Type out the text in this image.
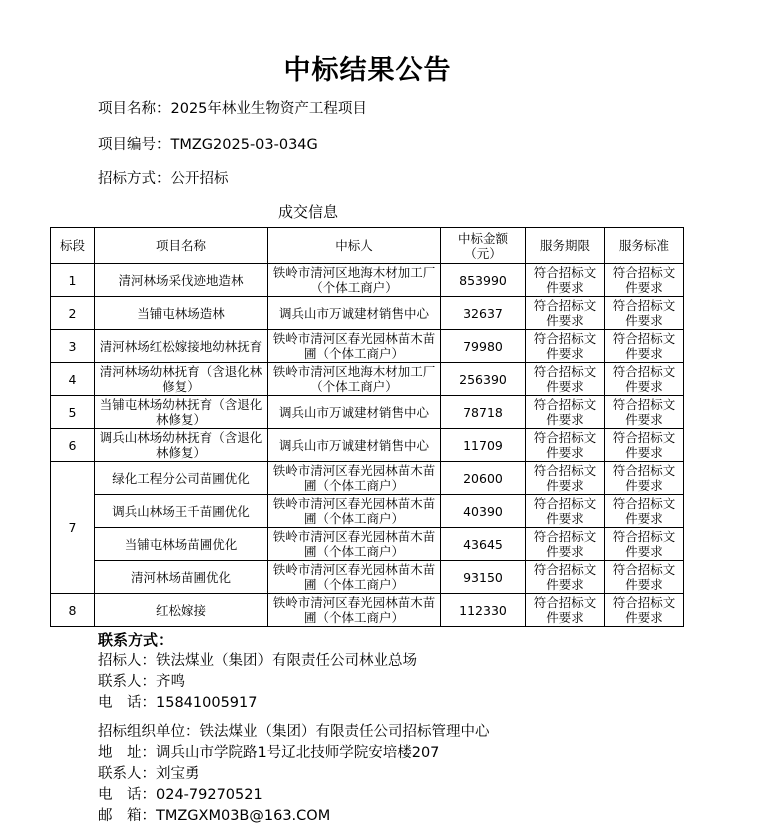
中标结果公告
项目名称：2025年林业生物资产工程项目
项目编号：TMZG2025-03-034G
招标方式：公开招标
成交信息
标段	项目名称	中标人	中标金额（元）	服务期限	服务标准
1	清河林场采伐迹地造林	铁岭市清河区地海木材加工厂（个体工商户）	853990	符合招标文件要求	符合招标文件要求
2	当铺屯林场造林	调兵山市万诚建材销售中心	32637	符合招标文件要求	符合招标文件要求
3	清河林场红松嫁接地幼林抚育	铁岭市清河区春光园林苗木苗圃（个体工商户）	79980	符合招标文件要求	符合招标文件要求
4	清河林场幼林抚育（含退化林修复）	铁岭市清河区地海木材加工厂（个体工商户）	256390	符合招标文件要求	符合招标文件要求
5	当铺屯林场幼林抚育（含退化林修复）	调兵山市万诚建材销售中心	78718	符合招标文件要求	符合招标文件要求
6	调兵山林场幼林抚育（含退化林修复）	调兵山市万诚建材销售中心	11709	符合招标文件要求	符合招标文件要求
7	绿化工程分公司苗圃优化	铁岭市清河区春光园林苗木苗圃（个体工商户）	20600	符合招标文件要求	符合招标文件要求
	调兵山林场王千苗圃优化	铁岭市清河区春光园林苗木苗圃（个体工商户）	40390	符合招标文件要求	符合招标文件要求
	当铺屯林场苗圃优化	铁岭市清河区春光园林苗木苗圃（个体工商户）	43645	符合招标文件要求	符合招标文件要求
	清河林场苗圃优化	铁岭市清河区春光园林苗木苗圃（个体工商户）	93150	符合招标文件要求	符合招标文件要求
8	红松嫁接	铁岭市清河区春光园林苗木苗圃（个体工商户）	112330	符合招标文件要求	符合招标文件要求
联系方式：
招标人：铁法煤业（集团）有限责任公司林业总场
联系人：齐鸣
电　话：15841005917
招标组织单位：铁法煤业（集团）有限责任公司招标管理中心
地　址：调兵山市学院路1号辽北技师学院安培楼207
联系人：刘宝勇
电　话：024-79270521
邮　箱：TMZGXM03B@163.COM
